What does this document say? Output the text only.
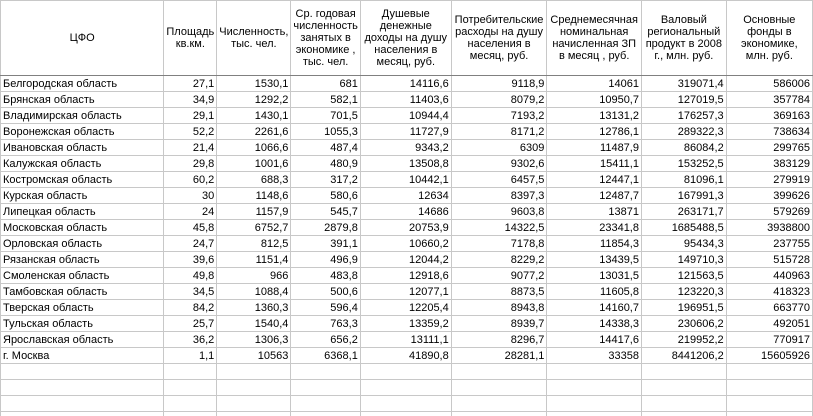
ЦФО	Площадь кв.км.	Численность, тыс. чел.	Ср. годовая численность занятых в экономике , тыс. чел.	Душевые денежные доходы на душу населения в месяц, руб.	Потребительские расходы на душу населения в месяц, руб.	Среднемесячная номинальная начисленная ЗП в месяц , руб.	Валовый региональный продукт в 2008 г., млн. руб.	Основные фонды в экономике, млн. руб.
Белгородская область	27,1	1530,1	681	14116,6	9118,9	14061	319071,4	586006
Брянская область	34,9	1292,2	582,1	11403,6	8079,2	10950,7	127019,5	357784
Владимирская область	29,1	1430,1	701,5	10944,4	7193,2	13131,2	176257,3	369163
Воронежская область	52,2	2261,6	1055,3	11727,9	8171,2	12786,1	289322,3	738634
Ивановская область	21,4	1066,6	487,4	9343,2	6309	11487,9	86084,2	299765
Калужская область	29,8	1001,6	480,9	13508,8	9302,6	15411,1	153252,5	383129
Костромская область	60,2	688,3	317,2	10442,1	6457,5	12447,1	81096,1	279919
Курская область	30	1148,6	580,6	12634	8397,3	12487,7	167991,3	399626
Липецкая область	24	1157,9	545,7	14686	9603,8	13871	263171,7	579269
Московская область	45,8	6752,7	2879,8	20753,9	14322,5	23341,8	1685488,5	3938800
Орловская область	24,7	812,5	391,1	10660,2	7178,8	11854,3	95434,3	237755
Рязанская область	39,6	1151,4	496,9	12044,2	8229,2	13439,5	149710,3	515728
Смоленская область	49,8	966	483,8	12918,6	9077,2	13031,5	121563,5	440963
Тамбовская область	34,5	1088,4	500,6	12077,1	8873,5	11605,8	123220,3	418323
Тверская область	84,2	1360,3	596,4	12205,4	8943,8	14160,7	196951,5	663770
Тульская область	25,7	1540,4	763,3	13359,2	8939,7	14338,3	230606,2	492051
Ярославская область	36,2	1306,3	656,2	13111,1	8296,7	14417,6	219952,2	770917
г. Москва	1,1	10563	6368,1	41890,8	28281,1	33358	8441206,2	15605926
